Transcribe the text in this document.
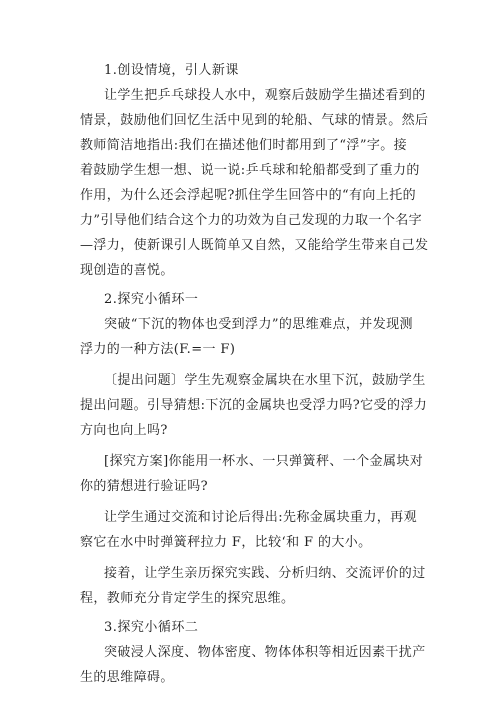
1.创设情境，引人新课

让学生把乒乓球投人水中，观察后鼓励学生描述看到的
情景，鼓励他们回忆生活中见到的轮船、气球的情景。然后
教师简洁地指出:我们在描述他们时都用到了“浮”字。接
着鼓励学生想一想、说一说:乒乓球和轮船都受到了重力的
作用，为什么还会浮起呢?抓住学生回答中的“有向上托的
力”引导他们结合这个力的功效为自己发现的力取一个名字
—浮力，使新课引人既简单又自然，又能给学生带来自己发
现创造的喜悦。

2.探究小循环一

突破“下沉的物体也受到浮力”的思维难点，并发现测
浮力的一种方法(F.=一 F)

〔提出问题〕学生先观察金属块在水里下沉，鼓励学生
提出问题。引导猜想:下沉的金属块也受浮力吗?它受的浮力
方向也向上吗?

[探究方案]你能用一杯水、一只弹簧秤、一个金属块对
你的猜想进行验证吗?

让学生通过交流和讨论后得出:先称金属块重力，再观
察它在水中时弹簧秤拉力 F，比较‘和 F 的大小。

接着，让学生亲历探究实践、分析归纳、交流评价的过
程，教师充分肯定学生的探究思维。

3.探究小循环二

突破浸人深度、物体密度、物体体积等相近因素干扰产
生的思维障碍。
